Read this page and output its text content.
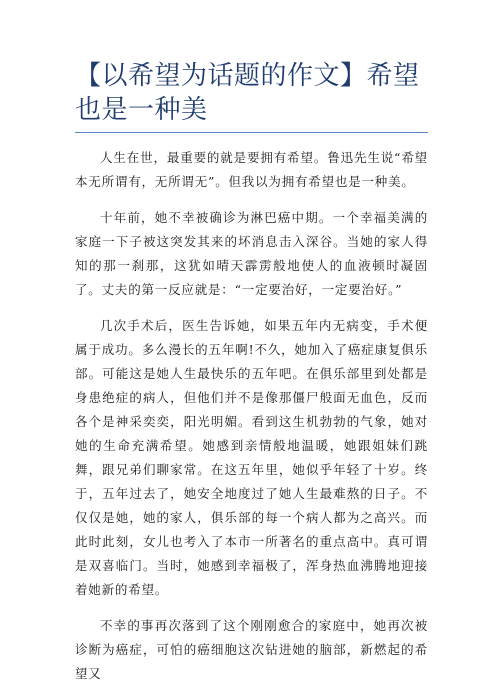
【以希望为话题的作文】希望也是一种美

人生在世，最重要的就是要拥有希望。鲁迅先生说“希望本无所谓有，无所谓无”。但我以为拥有希望也是一种美。

十年前，她不幸被确诊为淋巴癌中期。一个幸福美满的家庭一下子被这突发其来的坏消息击入深谷。当她的家人得知的那一刹那，这犹如晴天霹雳般地使人的血液顿时凝固了。丈夫的第一反应就是：“一定要治好，一定要治好。”

几次手术后，医生告诉她，如果五年内无病变，手术便属于成功。多么漫长的五年啊!不久，她加入了癌症康复俱乐部。可能这是她人生最快乐的五年吧。在俱乐部里到处都是身患绝症的病人，但他们并不是像那僵尸般面无血色，反而各个是神采奕奕，阳光明媚。看到这生机勃勃的气象，她对她的生命充满希望。她感到亲情般地温暖，她跟姐妹们跳舞，跟兄弟们聊家常。在这五年里，她似乎年轻了十岁。终于，五年过去了，她安全地度过了她人生最难熬的日子。不仅仅是她，她的家人，俱乐部的每一个病人都为之高兴。而此时此刻，女儿也考入了本市一所著名的重点高中。真可谓是双喜临门。当时，她感到幸福极了，浑身热血沸腾地迎接着她新的希望。

不幸的事再次落到了这个刚刚愈合的家庭中，她再次被诊断为癌症，可怕的癌细胞这次钻进她的脑部，新燃起的希望又
